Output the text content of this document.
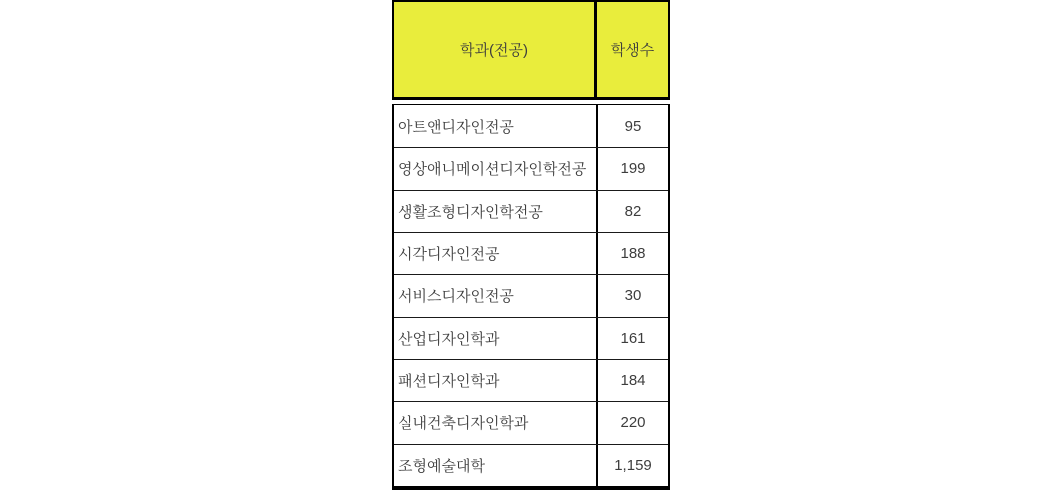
학과(전공)	학생수
아트앤디자인전공	95
영상애니메이션디자인학전공	199
생활조형디자인학전공	82
시각디자인전공	188
서비스디자인전공	30
산업디자인학과	161
패션디자인학과	184
실내건축디자인학과	220
조형예술대학	1,159
